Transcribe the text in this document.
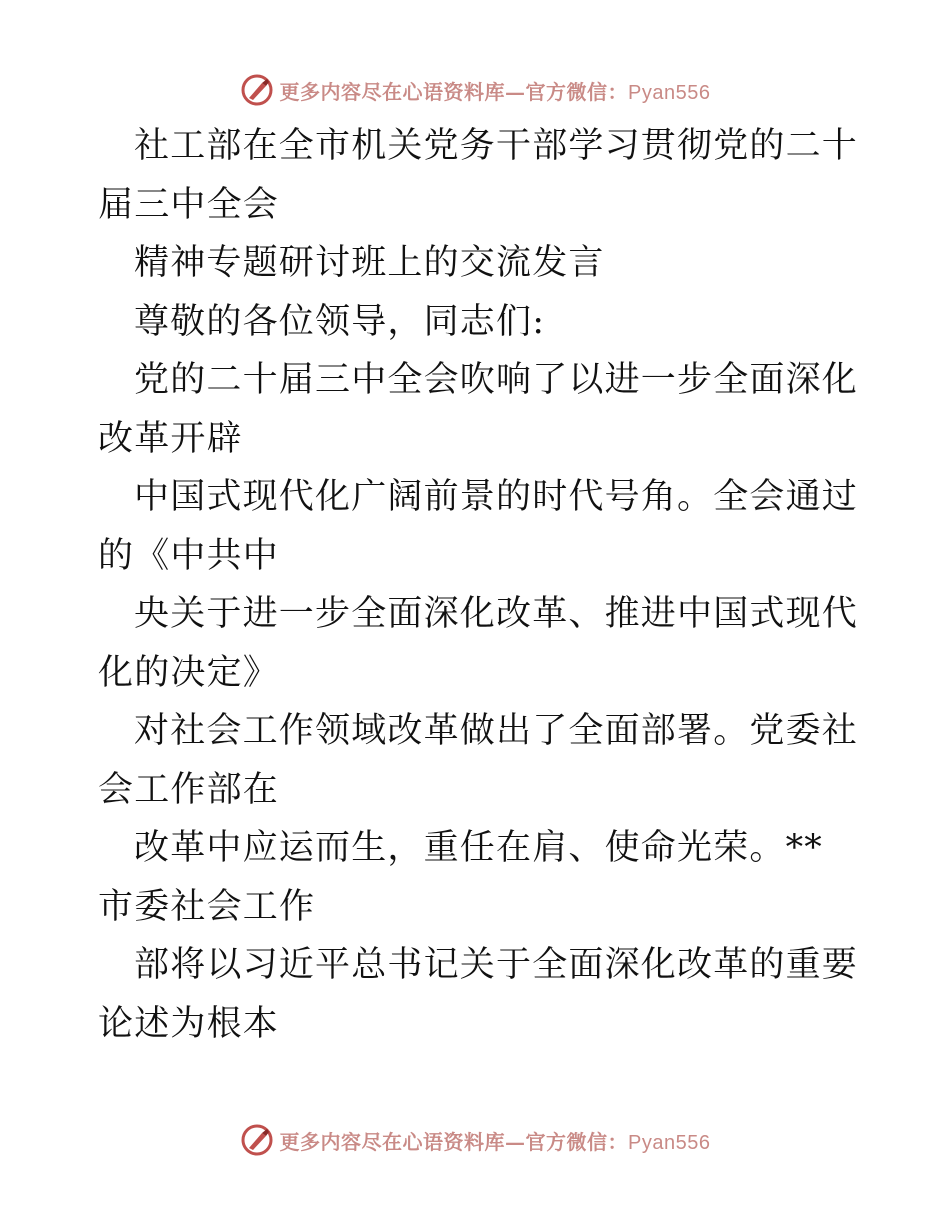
更多内容尽在心语资料库—官方微信：Pyan556

社工部在全市机关党务干部学习贯彻党的二十届三中全会

精神专题研讨班上的交流发言

尊敬的各位领导，同志们:

党的二十届三中全会吹响了以进一步全面深化改革开辟

中国式现代化广阔前景的时代号角。全会通过的《中共中

央关于进一步全面深化改革、推进中国式现代化的决定》

对社会工作领域改革做出了全面部署。党委社会工作部在

改革中应运而生，重任在肩、使命光荣。**市委社会工作

部将以习近平总书记关于全面深化改革的重要论述为根本

更多内容尽在心语资料库—官方微信：Pyan556
